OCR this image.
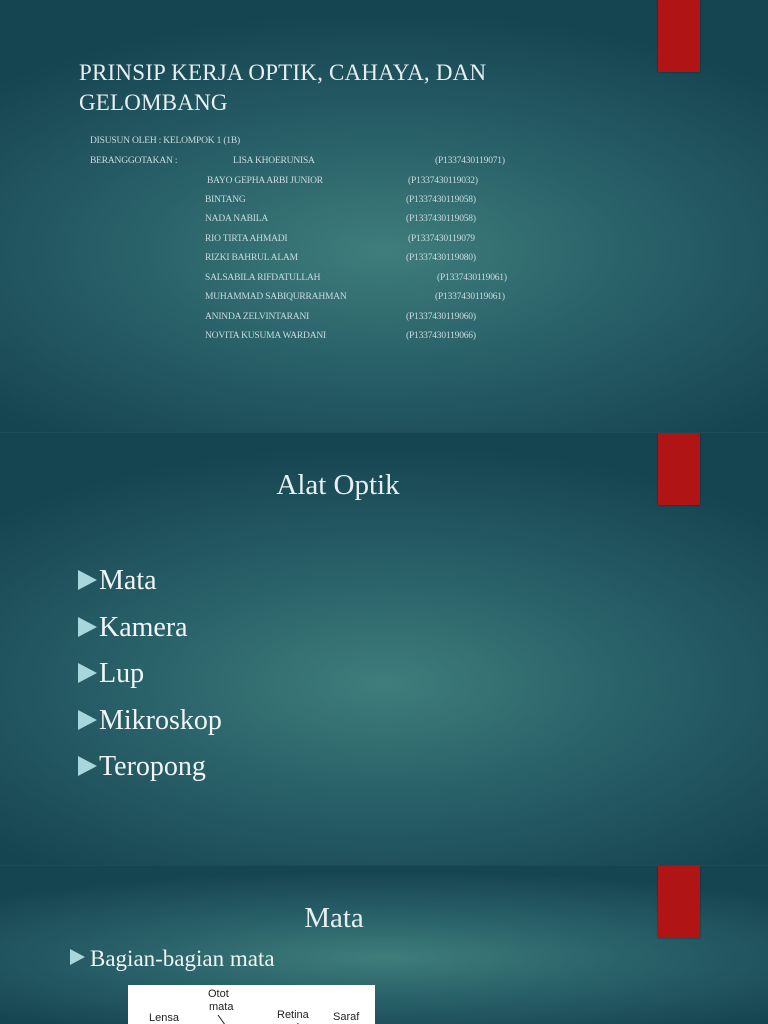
PRINSIP KERJA OPTIK, CAHAYA, DAN GELOMBANG
DISUSUN OLEH : KELOMPOK 1 (1B)
BERANGGOTAKAN :	LISA KHOERUNISA	(P1337430119071)
BAYO GEPHA ARBI JUNIOR	(P1337430119032)
BINTANG	(P1337430119058)
NADA NABILA	(P1337430119058)
RIO TIRTA AHMADI	(P1337430119079
RIZKI BAHRUL ALAM	(P1337430119080)
SALSABILA RIFDATULLAH	(P1337430119061)
MUHAMMAD SABIQURRAHMAN	(P1337430119061)
ANINDA ZELVINTARANI	(P1337430119060)
NOVITA KUSUMA WARDANI	(P1337430119066)
Alat Optik
Mata
Kamera
Lup
Mikroskop
Teropong
Mata
Bagian-bagian mata
Otot
mata
Lensa	Retina Saraf
